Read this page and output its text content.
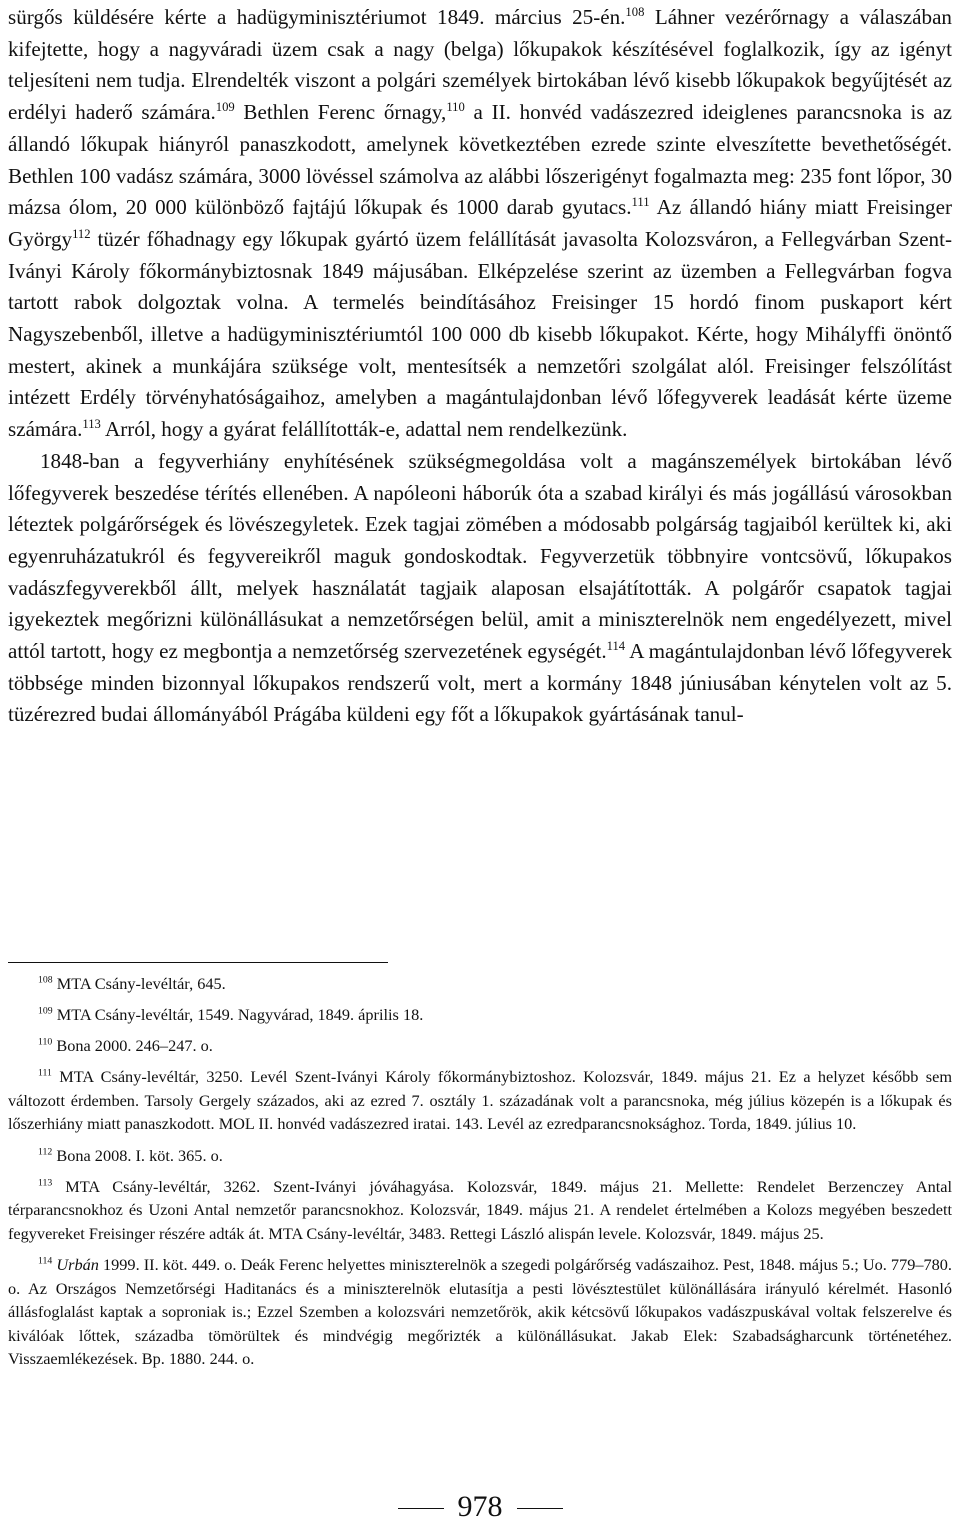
sürgős küldésére kérte a hadügyminisztériumot 1849. március 25-én.$^{108}$ Láhner vezérőrnagy a válaszában kifejtette, hogy a nagyváradi üzem csak a nagy (belga) lőkupakok készítésével foglalkozik, így az igényt teljesíteni nem tudja. Elrendelték viszont a polgári személyek birtokában lévő kisebb lőkupakok begyűjtését az erdélyi haderő számára.$^{109}$ Bethlen Ferenc őrnagy,$^{110}$ a II. honvéd vadászezred ideiglenes parancsnoka is az állandó lőkupak hiányról panaszkodott, amelynek következtében ezrede szinte elveszítette bevethetőségét. Bethlen 100 vadász számára, 3000 lövéssel számolva az alábbi lőszerigényt fogalmazta meg: 235 font lőpor, 30 mázsa ólom, 20 000 különböző fajtájú lőkupak és 1000 darab gyutacs.$^{111}$ Az állandó hiány miatt Freisinger György$^{112}$ tüzér főhadnagy egy lőkupak gyártó üzem felállítását javasolta Kolozsváron, a Fellegvárban Szent-Iványi Károly főkormánybiztosnak 1849 májusában. Elképzelése szerint az üzemben a Fellegvárban fogva tartott rabok dolgoztak volna. A termelés beindításához Freisinger 15 hordó finom puskaport kért Nagyszebenből, illetve a hadügyminisztériumtól 100 000 db kisebb lőkupakot. Kérte, hogy Mihályffi önöntő mestert, akinek a munkájára szüksége volt, mentesítsék a nemzetőri szolgálat alól. Freisinger felszólítást intézett Erdély törvényhatóságaihoz, amelyben a magántulajdonban lévő lőfegyverek leadását kérte üzeme számára.$^{113}$ Arról, hogy a gyárat felállították-e, adattal nem rendelkezünk.

1848-ban a fegyverhiány enyhítésének szükségmegoldása volt a magánszemélyek birtokában lévő lőfegyverek beszedése térítés ellenében. A napóleoni háborúk óta a szabad királyi és más jogállású városokban léteztek polgárőrségek és lövészegyletek. Ezek tagjai zömében a módosabb polgárság tagjaiból kerültek ki, aki egyenruházatukról és fegyvereikről maguk gondoskodtak. Fegyverzetük többnyire vontcsövű, lőkupakos vadászfegyverekből állt, melyek használatát tagjaik alaposan elsajátították. A polgárőr csapatok tagjai igyekeztek megőrizni különállásukat a nemzetőrségen belül, amit a miniszterelnök nem engedélyezett, mivel attól tartott, hogy ez megbontja a nemzetőrség szervezetének egységét.$^{114}$ A magántulajdonban lévő lőfegyverek többsége minden bizonnyal lőkupakos rendszerű volt, mert a kormány 1848 júniusában kénytelen volt az 5. tüzérezred budai állományából Prágába küldeni egy főt a lőkupakok gyártásának tanul-

$^{108}$ MTA Csány-levéltár, 645.

$^{109}$ MTA Csány-levéltár, 1549. Nagyvárad, 1849. április 18.

$^{110}$ Bona 2000. 246–247. o.

$^{111}$ MTA Csány-levéltár, 3250. Levél Szent-Iványi Károly főkormánybiztoshoz. Kolozsvár, 1849. május 21. Ez a helyzet később sem változott érdemben. Tarsoly Gergely százados, aki az ezred 7. osztály 1. századának volt a parancsnoka, még július közepén is a lőkupak és lőszerhiány miatt panaszkodott. MOL II. honvéd vadászezred iratai. 143. Levél az ezredparancsnoksághoz. Torda, 1849. július 10.

$^{112}$ Bona 2008. I. köt. 365. o.

$^{113}$ MTA Csány-levéltár, 3262. Szent-Iványi jóváhagyása. Kolozsvár, 1849. május 21. Mellette: Rendelet Berzenczey Antal térparancsnokhoz és Uzoni Antal nemzetőr parancsnokhoz. Kolozsvár, 1849. május 21. A rendelet értelmében a Kolozs megyében beszedett fegyvereket Freisinger részére adták át. MTA Csány-levéltár, 3483. Rettegi László alispán levele. Kolozsvár, 1849. május 25.

$^{114}$ Urbán 1999. II. köt. 449. o. Deák Ferenc helyettes miniszterelnök a szegedi polgárőrség vadászaihoz. Pest, 1848. május 5.; Uo. 779–780. o. Az Országos Nemzetőrségi Haditanács és a miniszterelnök elutasítja a pesti lövésztestület különállására irányuló kérelmét. Hasonló állásfoglalást kaptak a soproniak is.; Ezzel Szemben a kolozsvári nemzetőrök, akik kétcsövű lőkupakos vadászpuskával voltak felszerelve és kiválóak lőttek, századba tömörültek és mindvégig megőrizték a különállásukat. Jakab Elek: Szabadságharcunk történetéhez. Visszaemlékezések. Bp. 1880. 244. o.

978
